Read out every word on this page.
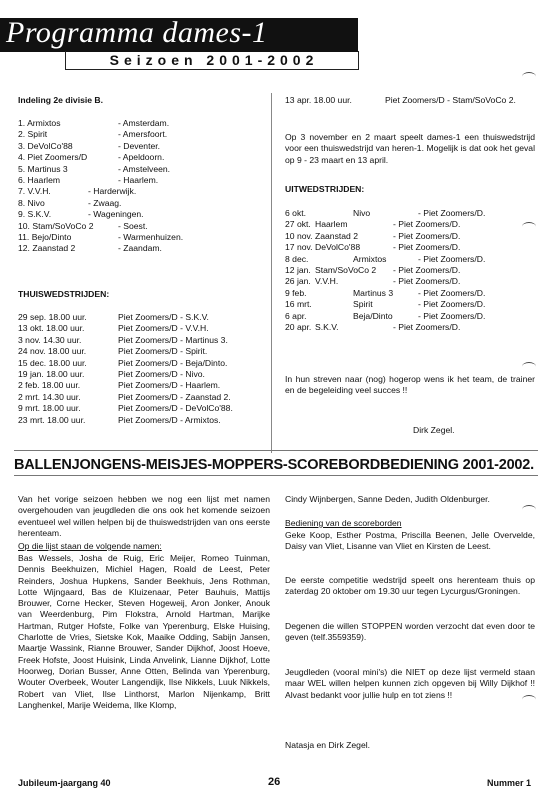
Programma dames-1
Seizoen 2001-2002
Indeling 2e divisie B.
1. Armixtos	- Amsterdam.
2. Spirit	- Amersfoort.
3. DeVolCo'88	- Deventer.
4. Piet Zoomers/D	- Apeldoorn.
5. Martinus 3	- Amstelveen.
6. Haarlem	- Haarlem.
7. V.V.H.	- Harderwijk.
8. Nivo	- Zwaag.
9. S.K.V.	- Wageningen.
10. Stam/SoVoCo 2	- Soest.
11. Bejo/Dinto	- Warmenhuizen.
12. Zaanstad 2	- Zaandam.
THUISWEDSTRIJDEN:
29 sep. 18.00 uur.	Piet Zoomers/D - S.K.V.
13 okt. 18.00 uur.	Piet Zoomers/D - V.V.H.
3 nov. 14.30 uur.	Piet Zoomers/D - Martinus 3.
24 nov. 18.00 uur.	Piet Zoomers/D - Spirit.
15 dec. 18.00 uur.	Piet Zoomers/D - Beja/Dinto.
19 jan. 18.00 uur.	Piet Zoomers/D - Nivo.
2 feb. 18.00 uur.	Piet Zoomers/D - Haarlem.
2 mrt. 14.30 uur.	Piet Zoomers/D - Zaanstad 2.
9 mrt. 18.00 uur.	Piet Zoomers/D - DeVolCo'88.
23 mrt. 18.00 uur.	Piet Zoomers/D - Armixtos.
13 apr. 18.00 uur.	Piet Zoomers/D - Stam/SoVoCo 2.
Op 3 november en 2 maart speelt dames-1 een thuiswedstrijd voor een thuiswedstrijd van heren-1. Mogelijk is dat ook het geval op 9 - 23 maart en 13 april.
UITWEDSTRIJDEN:
6 okt.	Nivo	- Piet Zoomers/D.
27 okt. Haarlem	- Piet Zoomers/D.
10 nov. Zaanstad 2	- Piet Zoomers/D.
17 nov. DeVolCo'88	- Piet Zoomers/D.
8 dec.	Armixtos	- Piet Zoomers/D.
12 jan. Stam/SoVoCo 2 - Piet Zoomers/D.
26 jan. V.V.H.	- Piet Zoomers/D.
9 feb.	Martinus 3	- Piet Zoomers/D.
16 mrt.	Spirit	- Piet Zoomers/D.
6 apr.	Beja/Dinto	- Piet Zoomers/D.
20 apr. S.K.V.	- Piet Zoomers/D.
In hun streven naar (nog) hogerop wens ik het team, de trainer en de begeleiding veel succes !!
Dirk Zegel.
BALLENJONGENS-MEISJES-MOPPERS-SCOREBORDBEDIENING 2001-2002.
Van het vorige seizoen hebben we nog een lijst met namen overgehouden van jeugdleden die ons ook het komende seizoen eventueel wel willen helpen bij de thuiswedstrijden van ons eerste herenteam.
Op die lijst staan de volgende namen:
Bas Wessels, Josha de Ruig, Eric Meijer, Romeo Tuinman, Dennis Beekhuizen, Michiel Hagen, Roald de Leest, Peter Reinders, Joshua Hupkens, Sander Beekhuis, Jens Rothman, Lotte Wijngaard, Bas de Kluizenaar, Peter Bauhuis, Mattijs Brouwer, Corne Hecker, Steven Hogeweij, Aron Jonker, Anouk van Weerdenburg, Pim Flokstra, Arnold Hartman, Marijke Hartman, Rutger Hofste, Folke van Yperenburg, Elske Huising, Charlotte de Vries, Sietske Kok, Maaike Odding, Sabijn Jansen, Maartje Wassink, Rianne Brouwer, Sander Dijkhof, Joost Hoeve, Freek Hofste, Joost Huisink, Linda Anvelink, Lianne Dijkhof, Lotte Hoorweg, Dorian Busser, Anne Otten, Belinda van Yperenburg, Wouter Overbeek, Wouter Langendijk, Ilse Nikkels, Luuk Nikkels, Robert van Vliet, Ilse Linthorst, Marlon Nijenkamp, Britt Langhenkel, Marije Weidema, Ilke Klomp,
Cindy Wijnbergen, Sanne Deden, Judith Oldenburger.
Bediening van de scoreborden
Geke Koop, Esther Postma, Priscilla Beenen, Jelle Overvelde, Daisy van Vliet, Lisanne van Vliet en Kirsten de Leest.
De eerste competitie wedstrijd speelt ons herenteam thuis op zaterdag 20 oktober om 19.30 uur tegen Lycurgus/Groningen.
Degenen die willen STOPPEN worden verzocht dat even door te geven (telf.3559359).
Jeugdleden (vooral mini's) die NIET op deze lijst vermeld staan maar WEL willen helpen kunnen zich opgeven bij Willy Dijkhof !! Alvast bedankt voor jullie hulp en tot ziens !!
Natasja en Dirk Zegel.
Jubileum-jaargang 40	26	Nummer 1
